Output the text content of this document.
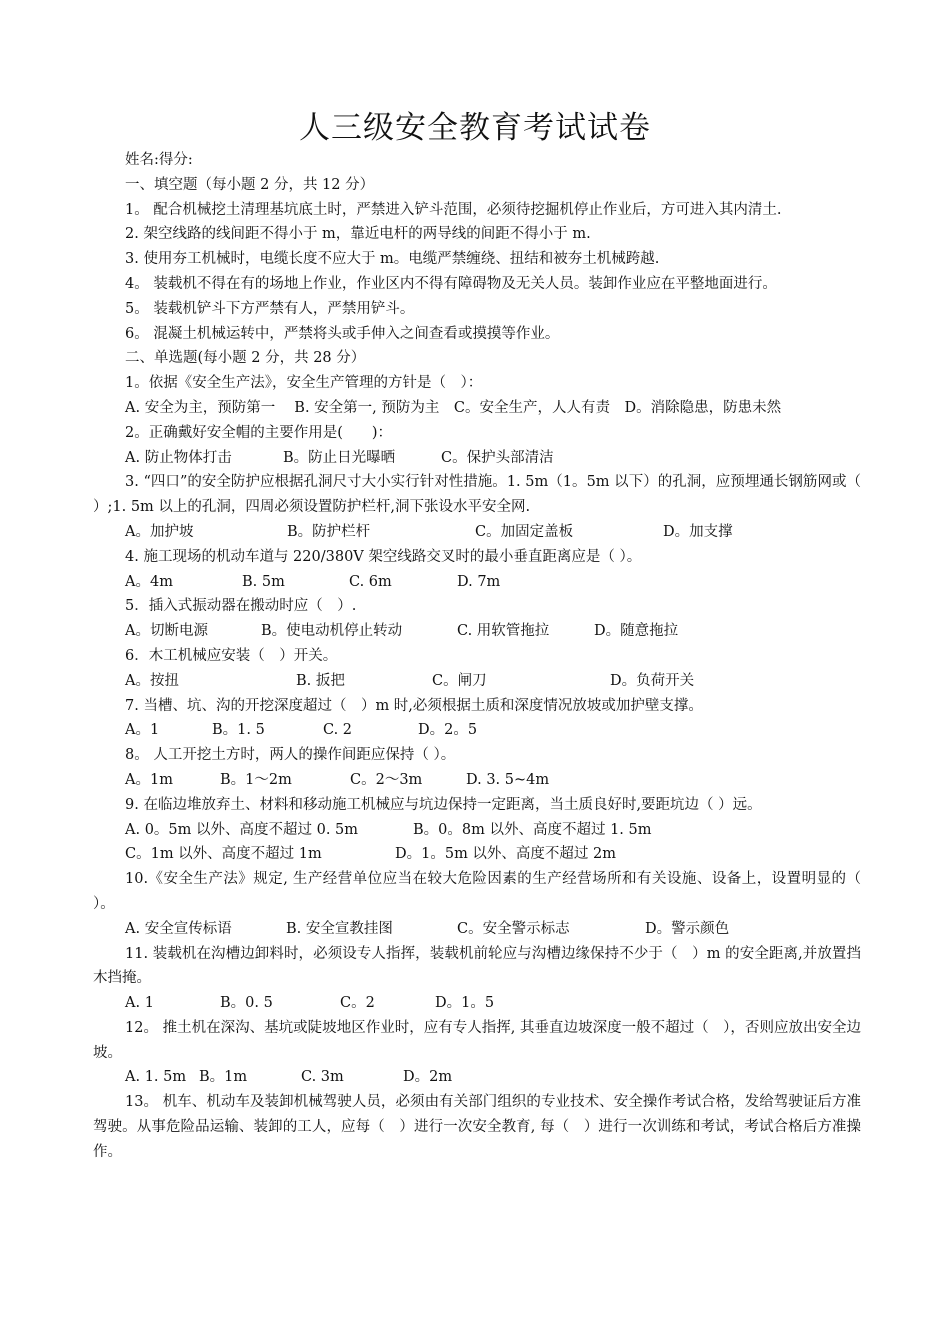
人三级安全教育考试试卷
姓名:得分:
一、填空题（每小题 2 分，共 12 分）
1。 配合机械挖土清理基坑底土时，严禁进入铲斗范围，必须待挖掘机停止作业后，方可进入其内清土.
2. 架空线路的线间距不得小于 m，靠近电杆的两导线的间距不得小于 m.
3. 使用夯工机械时，电缆长度不应大于 m。电缆严禁缠绕、扭结和被夯土机械跨越.
4。 装载机不得在有的场地上作业，作业区内不得有障碍物及无关人员。装卸作业应在平整地面进行。
5。 装载机铲斗下方严禁有人，严禁用铲斗。
6。 混凝土机械运转中，严禁将头或手伸入之间查看或摸摸等作业。
二、单选题(每小题 2 分，共 28 分）
1。依据《安全生产法》，安全生产管理的方针是（　）：
A. 安全为主，预防第一　 B. 安全第一, 预防为主　C。安全生产，人人有责　D。消除隐患，防患未然
2。正确戴好安全帽的主要作用是(　　)：
A. 防止物体打击	B。防止日光曝晒	C。保护头部清洁
3. “四口”的安全防护应根据孔洞尺寸大小实行针对性措施。1. 5m（1。5m 以下）的孔洞，应预埋通长钢筋网或（ ）;1. 5m 以上的孔洞，四周必须设置防护栏杆,洞下张设水平安全网.
A。加护坡	B。防护栏杆	C。加固定盖板	D。加支撑
4. 施工现场的机动车道与 220/380V 架空线路交叉时的最小垂直距离应是（ ）。
A。4m	B. 5m	C. 6m	D. 7m
5．插入式振动器在搬动时应（　）.
A。切断电源	B。使电动机停止转动	C. 用软管拖拉	D。随意拖拉
6．木工机械应安装（　）开关。
A。按扭	B. 扳把	C。闸刀	D。负荷开关
7. 当槽、坑、沟的开挖深度超过（　）m 时,必须根据土质和深度情况放坡或加护壁支撑。
A。1	B。1. 5	C. 2	D。2。5
8。 人工开挖土方时，两人的操作间距应保持（ ）。
A。1m	B。1～2m	C。2～3m	D. 3. 5~4m
9. 在临边堆放弃土、材料和移动施工机械应与坑边保持一定距离，当土质良好时,要距坑边（ ）远。
A. 0。5m 以外、高度不超过 0. 5m	B。0。8m 以外、高度不超过 1. 5m
C。1m 以外、高度不超过 1m	D。1。5m 以外、高度不超过 2m
10.《安全生产法》规定, 生产经营单位应当在较大危险因素的生产经营场所和有关设施、设备上，设置明显的（ ）。
A. 安全宣传标语	B. 安全宣教挂图	C。安全警示标志	D。警示颜色
11. 装载机在沟槽边卸料时，必须设专人指挥，装载机前轮应与沟槽边缘保持不少于（　）m 的安全距离,并放置挡木挡掩。
A. 1	B。0. 5	C。2	D。1。5
12。 推土机在深沟、基坑或陡坡地区作业时，应有专人指挥, 其垂直边坡深度一般不超过（　），否则应放出安全边坡。
A. 1. 5m B。1m	C. 3m	D。2m
13。 机车、机动车及装卸机械驾驶人员，必须由有关部门组织的专业技术、安全操作考试合格，发给驾驶证后方准驾驶。从事危险品运输、装卸的工人，应每（　）进行一次安全教育, 每（　）进行一次训练和考试，考试合格后方准操作。
